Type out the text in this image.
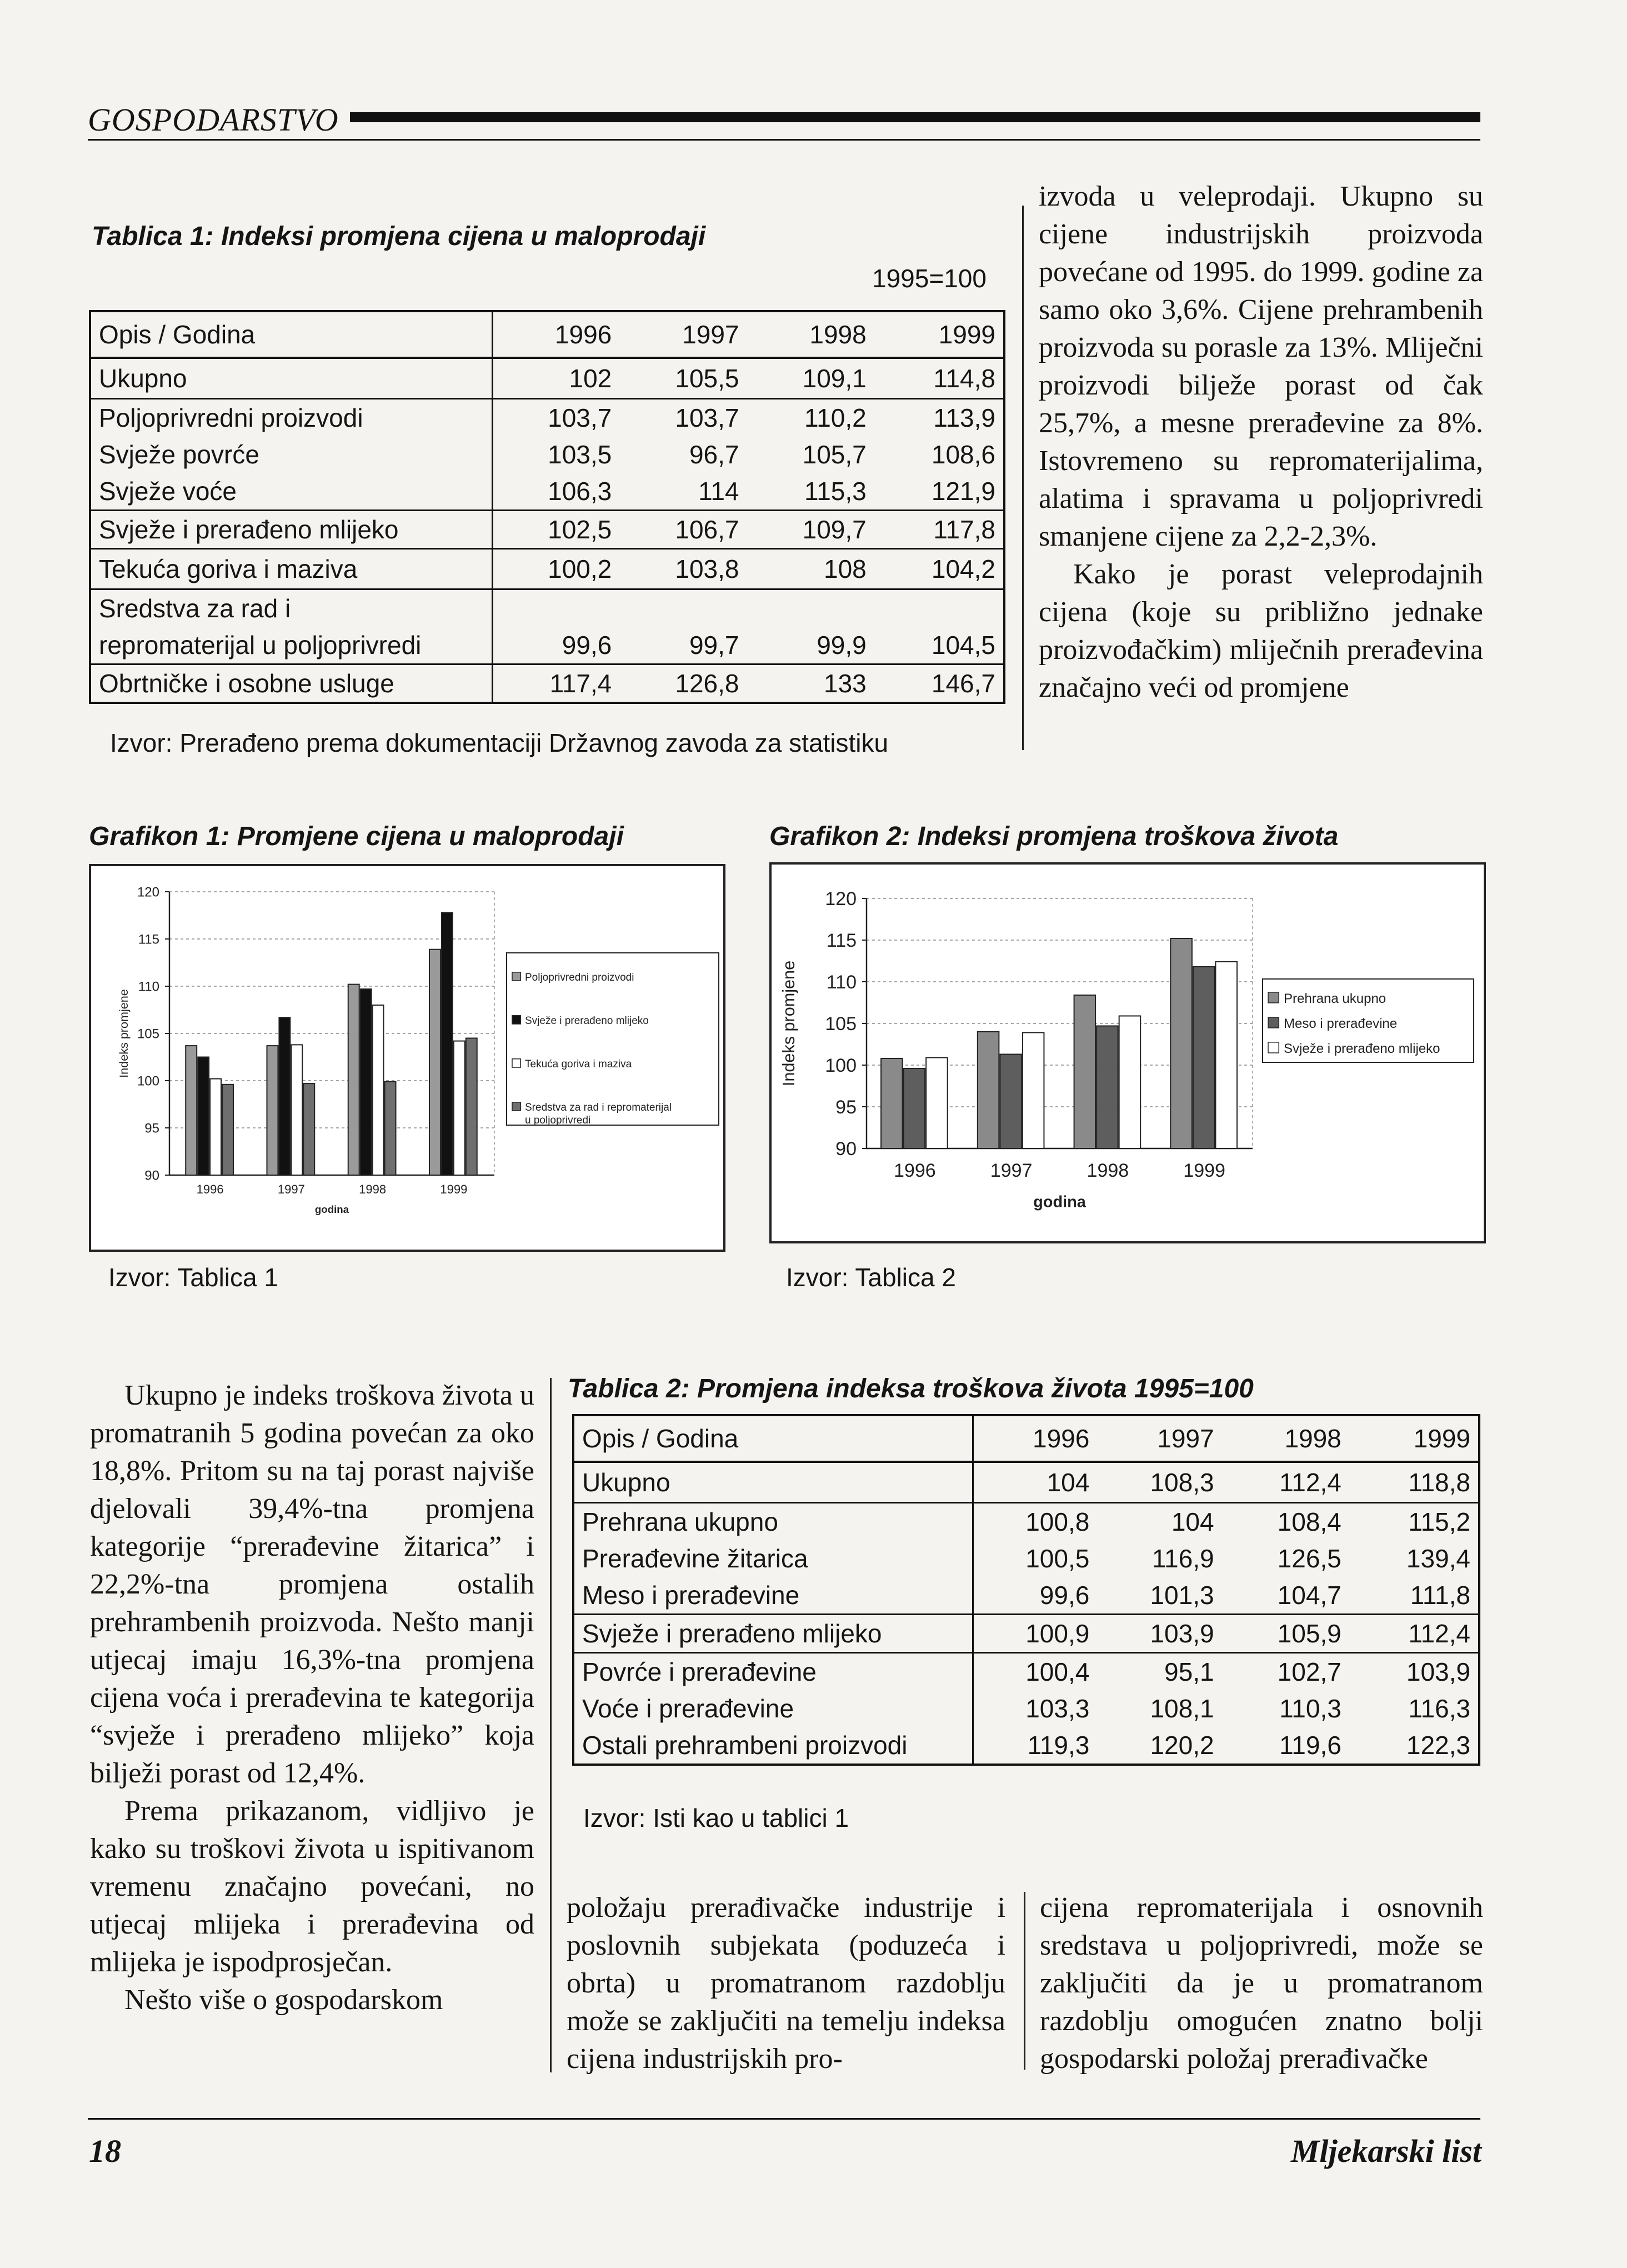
GOSPODARSTVO
Tablica 1: Indeksi promjena cijena u maloprodaji
1995=100
Opis / Godina	1996	1997	1998	1999
Ukupno	102	105,5	109,1	114,8
Poljoprivredni proizvodi	103,7	103,7	110,2	113,9
Svježe povrće	103,5	96,7	105,7	108,6
Svježe voće	106,3	114	115,3	121,9
Svježe i prerađeno mlijeko	102,5	106,7	109,7	117,8
Tekuća goriva i maziva	100,2	103,8	108	104,2
Sredstva za rad i				
repromaterijal u poljoprivredi	99,6	99,7	99,9	104,5
Obrtničke i osobne usluge	117,4	126,8	133	146,7
Izvor: Prerađeno prema dokumentaciji Državnog zavoda za statistiku

izvoda u veleprodaji. Ukupno su cijene industrijskih proizvoda povećane od 1995. do 1999. godine za samo oko 3,6%. Cijene prehrambenih proizvoda su porasle za 13%. Mliječni proizvodi bilježe porast od čak 25,7%, a mesne prerađevine za 8%. Istovremeno su repromaterijalima, alatima i spravama u poljoprivredi smanjene cijene za 2,2-2,3%.

Kako je porast veleprodajnih cijena (koje su približno jednake proizvođačkim) mliječnih prerađevina značajno veći od promjene

Grafikon 1: Promjene cijena u maloprodaji
90
95
100
105
110
115
120
1996	1997	1998	1999
godina
Indeks promjene
Poljoprivredni proizvodi
Svježe i prerađeno mlijeko
Tekuća goriva i maziva
Sredstva za rad i repromaterijal
u poljoprivredi
Izvor: Tablica 1
Grafikon 2: Indeksi promjena troškova života
90
95
100
105
110
115
120
1996	1997	1998	1999
godina
Indeks promjene	Prehrana ukupno
Meso i prerađevine
Svježe i prerađeno mlijeko
Izvor: Tablica 2

Ukupno je indeks troškova života u promatranih 5 godina povećan za oko 18,8%. Pritom su na taj porast najviše djelovali 39,4%-tna promjena kategorije “prerađevine žitarica” i 22,2%-tna promjena ostalih prehrambenih proizvoda. Nešto manji utjecaj imaju 16,3%-tna promjena cijena voća i prerađevina te kategorija “svježe i prerađeno mlijeko” koja bilježi porast od 12,4%.

Prema prikazanom, vidljivo je kako su troškovi života u ispitivanom vremenu značajno povećani, no utjecaj mlijeka i prerađevina od mlijeka je ispodprosječan.

Nešto više o gospodarskom

Tablica 2: Promjena indeksa troškova života 1995=100
Opis / Godina	1996	1997	1998	1999
Ukupno	104	108,3	112,4	118,8
Prehrana ukupno	100,8	104	108,4	115,2
Prerađevine žitarica	100,5	116,9	126,5	139,4
Meso i prerađevine	99,6	101,3	104,7	111,8
Svježe i prerađeno mlijeko	100,9	103,9	105,9	112,4
Povrće i prerađevine	100,4	95,1	102,7	103,9
Voće i prerađevine	103,3	108,1	110,3	116,3
Ostali prehrambeni proizvodi	119,3	120,2	119,6	122,3
Izvor: Isti kao u tablici 1

položaju prerađivačke industrije i poslovnih subjekata (poduzeća i obrta) u promatranom razdoblju može se zaključiti na temelju indeksa cijena industrijskih pro-

cijena repromaterijala i osnovnih sredstava u poljoprivredi, može se zaključiti da je u promatranom razdoblju omogućen znatno bolji gospodarski položaj prerađivačke

18	Mljekarski list
